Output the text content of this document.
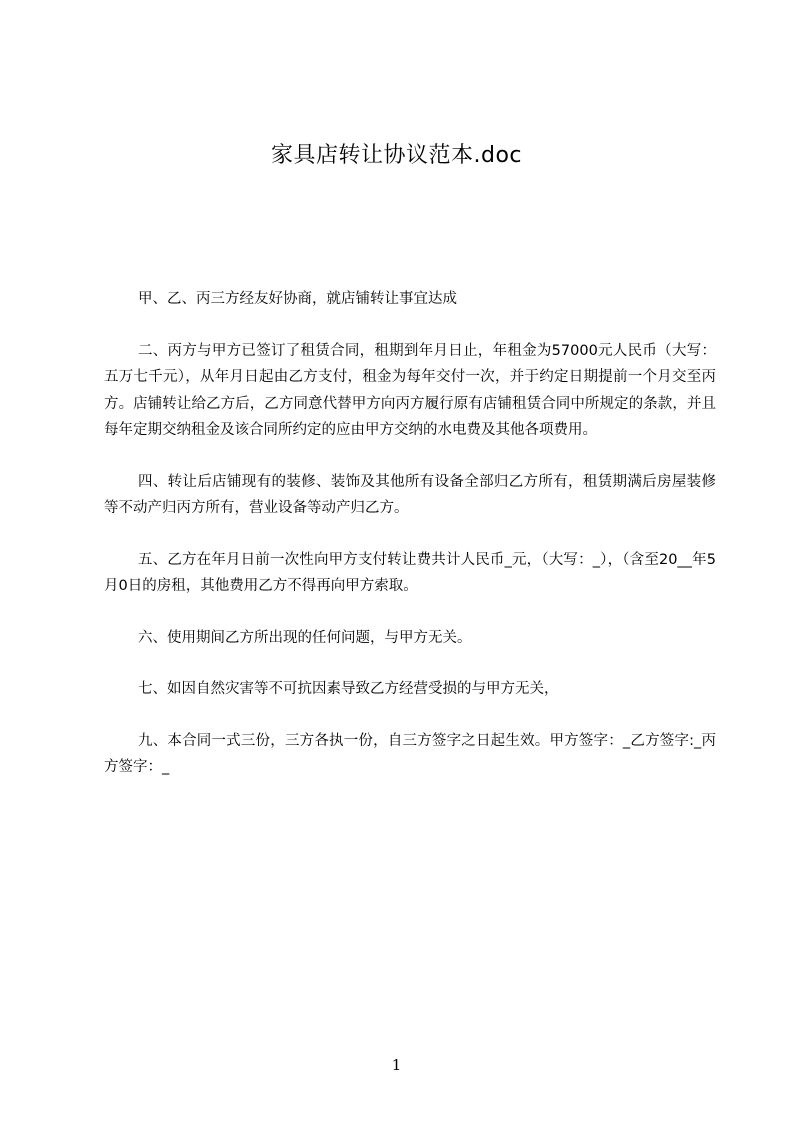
家具店转让协议范本.doc

甲、乙、丙三方经友好协商，就店铺转让事宜达成

二、丙方与甲方已签订了租赁合同，租期到年月日止，年租金为57000元人民币（大写：五万七千元），从年月日起由乙方支付，租金为每年交付一次，并于约定日期提前一个月交至丙方。店铺转让给乙方后，乙方同意代替甲方向丙方履行原有店铺租赁合同中所规定的条款，并且每年定期交纳租金及该合同所约定的应由甲方交纳的水电费及其他各项费用。

四、转让后店铺现有的装修、装饰及其他所有设备全部归乙方所有，租赁期满后房屋装修等不动产归丙方所有，营业设备等动产归乙方。

五、乙方在年月日前一次性向甲方支付转让费共计人民币_元，（大写：_），（含至20__年5月0日的房租，其他费用乙方不得再向甲方索取。

六、使用期间乙方所出现的任何问题，与甲方无关。

七、如因自然灾害等不可抗因素导致乙方经营受损的与甲方无关，

九、本合同一式三份，三方各执一份，自三方签字之日起生效。甲方签字：_乙方签字:_丙方签字：_

1
